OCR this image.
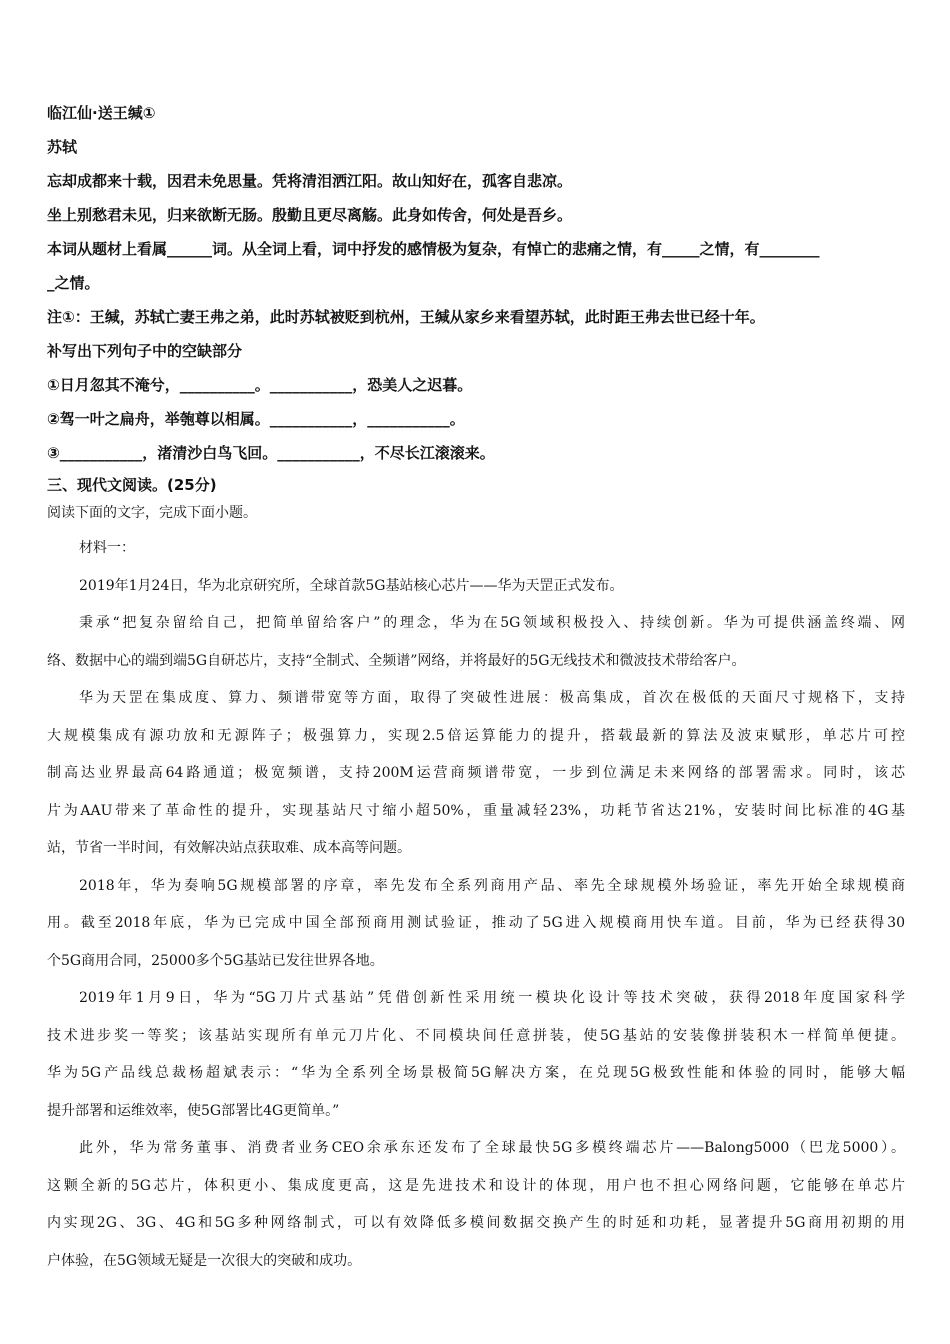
临江仙·送王缄①
苏轼
忘却成都来十载，因君未免思量。凭将清泪洒江阳。故山知好在，孤客自悲凉。
坐上别愁君未见，归来欲断无肠。殷勤且更尽离觞。此身如传舍，何处是吾乡。
本词从题材上看属______词。从全词上看，词中抒发的感情极为复杂，有悼亡的悲痛之情，有_____之情，有________
_之情。
注①：王缄，苏轼亡妻王弗之弟，此时苏轼被贬到杭州，王缄从家乡来看望苏轼，此时距王弗去世已经十年。
补写出下列句子中的空缺部分
①日月忽其不淹兮，__________。___________，恐美人之迟暮。
②驾一叶之扁舟，举匏尊以相属。___________，___________。
③___________，渚清沙白鸟飞回。___________，不尽长江滚滚来。
三、现代文阅读。(25分)
阅读下面的文字，完成下面小题。
材料一：
2019年1月24日，华为北京研究所，全球首款5G基站核心芯片——华为天罡正式发布。
秉承“把复杂留给自己，把简单留给客户”的理念，华为在5G领域积极投入、持续创新。华为可提供涵盖终端、网
络、数据中心的端到端5G自研芯片，支持“全制式、全频谱”网络，并将最好的5G无线技术和微波技术带给客户。
华为天罡在集成度、算力、频谱带宽等方面，取得了突破性进展：极高集成，首次在极低的天面尺寸规格下，支持
大规模集成有源功放和无源阵子；极强算力，实现2.5倍运算能力的提升，搭载最新的算法及波束赋形，单芯片可控
制高达业界最高64路通道；极宽频谱，支持200M运营商频谱带宽，一步到位满足未来网络的部署需求。同时，该芯
片为AAU带来了革命性的提升，实现基站尺寸缩小超50%，重量减轻23%，功耗节省达21%，安装时间比标准的4G基
站，节省一半时间，有效解决站点获取难、成本高等问题。
2018年，华为奏响5G规模部署的序章，率先发布全系列商用产品、率先全球规模外场验证，率先开始全球规模商
用。截至2018年底，华为已完成中国全部预商用测试验证，推动了5G进入规模商用快车道。目前，华为已经获得30
个5G商用合同，25000多个5G基站已发往世界各地。
2019年1月9日，华为“5G刀片式基站”凭借创新性采用统一模块化设计等技术突破，获得2018年度国家科学
技术进步奖一等奖；该基站实现所有单元刀片化、不同模块间任意拼装，使5G基站的安装像拼装积木一样简单便捷。
华为5G产品线总裁杨超斌表示：“华为全系列全场景极简5G解决方案，在兑现5G极致性能和体验的同时，能够大幅
提升部署和运维效率，使5G部署比4G更简单。”
此外，华为常务董事、消费者业务CEO余承东还发布了全球最快5G多模终端芯片——Balong5000（巴龙5000）。
这颗全新的5G芯片，体积更小、集成度更高，这是先进技术和设计的体现，用户也不担心网络问题，它能够在单芯片
内实现2G、3G、4G和5G多种网络制式，可以有效降低多模间数据交换产生的时延和功耗，显著提升5G商用初期的用
户体验，在5G领域无疑是一次很大的突破和成功。
